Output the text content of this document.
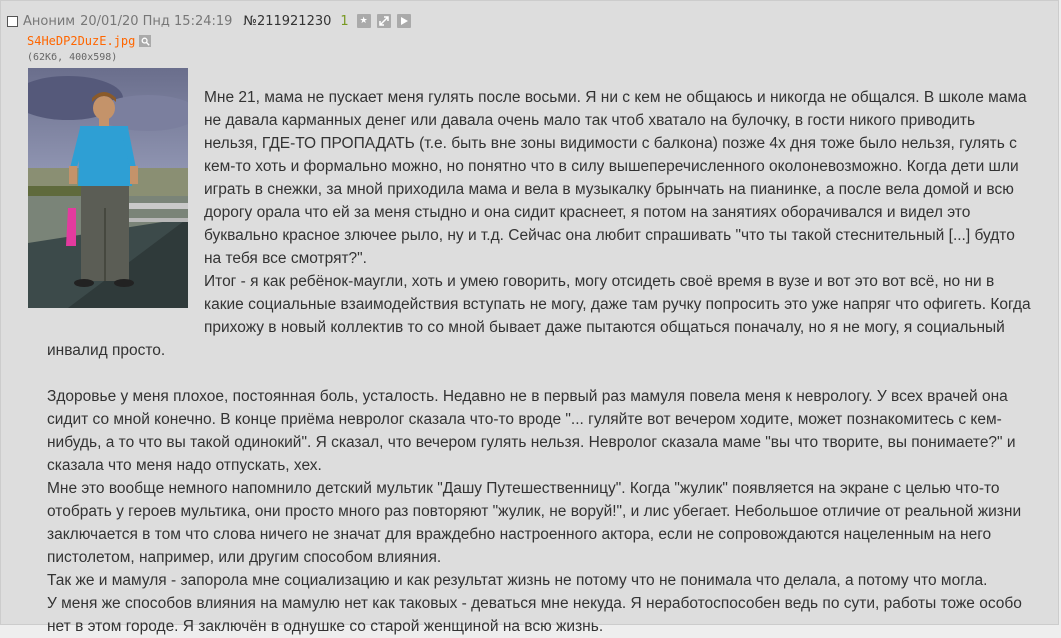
Аноним 20/01/20 Пнд 15:24:19 №211921230 1	★
S4HeDP2DuzE.jpg
(62Кб, 400x598)

Мне 21, мама не пускает меня гулять после восьми. Я ни с кем не общаюсь и никогда не общался. В школе мама не давала карманных денег или давала очень мало так чтоб хватало на булочку, в гости никого приводить нельзя, ГДЕ-ТО ПРОПАДАТЬ (т.е. быть вне зоны видимости с балкона) позже 4х дня тоже было нельзя, гулять с кем-то хоть и формально можно, но понятно что в силу вышеперечисленного околоневозможно. Когда дети шли играть в снежки, за мной приходила мама и вела в музыкалку брынчать на пианинке, а после вела домой и всю дорогу орала что ей за меня стыдно и она сидит краснеет, я потом на занятиях оборачивался и видел это буквально красное злючее рыло, ну и т.д. Сейчас она любит спрашивать "что ты такой стеснительный [...] будто на тебя все смотрят?".

Итог - я как ребёнок-маугли, хоть и умею говорить, могу отсидеть своё время в вузе и вот это вот всё, но ни в какие социальные взаимодействия вступать не могу, даже там ручку попросить это уже напряг что офигеть. Когда прихожу в новый коллектив то со мной бывает даже пытаются общаться поначалу, но я не могу, я социальный инвалид просто.

Здоровье у меня плохое, постоянная боль, усталость. Недавно не в первый раз мамуля повела меня к неврологу. У всех врачей она сидит со мной конечно. В конце приёма невролог сказала что-то вроде "... гуляйте вот вечером ходите, может познакомитесь с кем-нибудь, а то что вы такой одинокий". Я сказал, что вечером гулять нельзя. Невролог сказала маме "вы что творите, вы понимаете?" и сказала что меня надо отпускать, хех.

Мне это вообще немного напомнило детский мультик "Дашу Путешественницу". Когда "жулик" появляется на экране с целью что-то отобрать у героев мультика, они просто много раз повторяют "жулик, не воруй!", и лис убегает. Небольшое отличие от реальной жизни заключается в том что слова ничего не значат для враждебно настроенного актора, если не сопровождаются нацеленным на него пистолетом, например, или другим способом влияния.

Так же и мамуля - запорола мне социализацию и как результат жизнь не потому что не понимала что делала, а потому что могла.

У меня же способов влияния на мамулю нет как таковых - деваться мне некуда. Я неработоспособен ведь по сути, работы тоже особо нет в этом городе. Я заключён в однушке со старой женщиной на всю жизнь.
